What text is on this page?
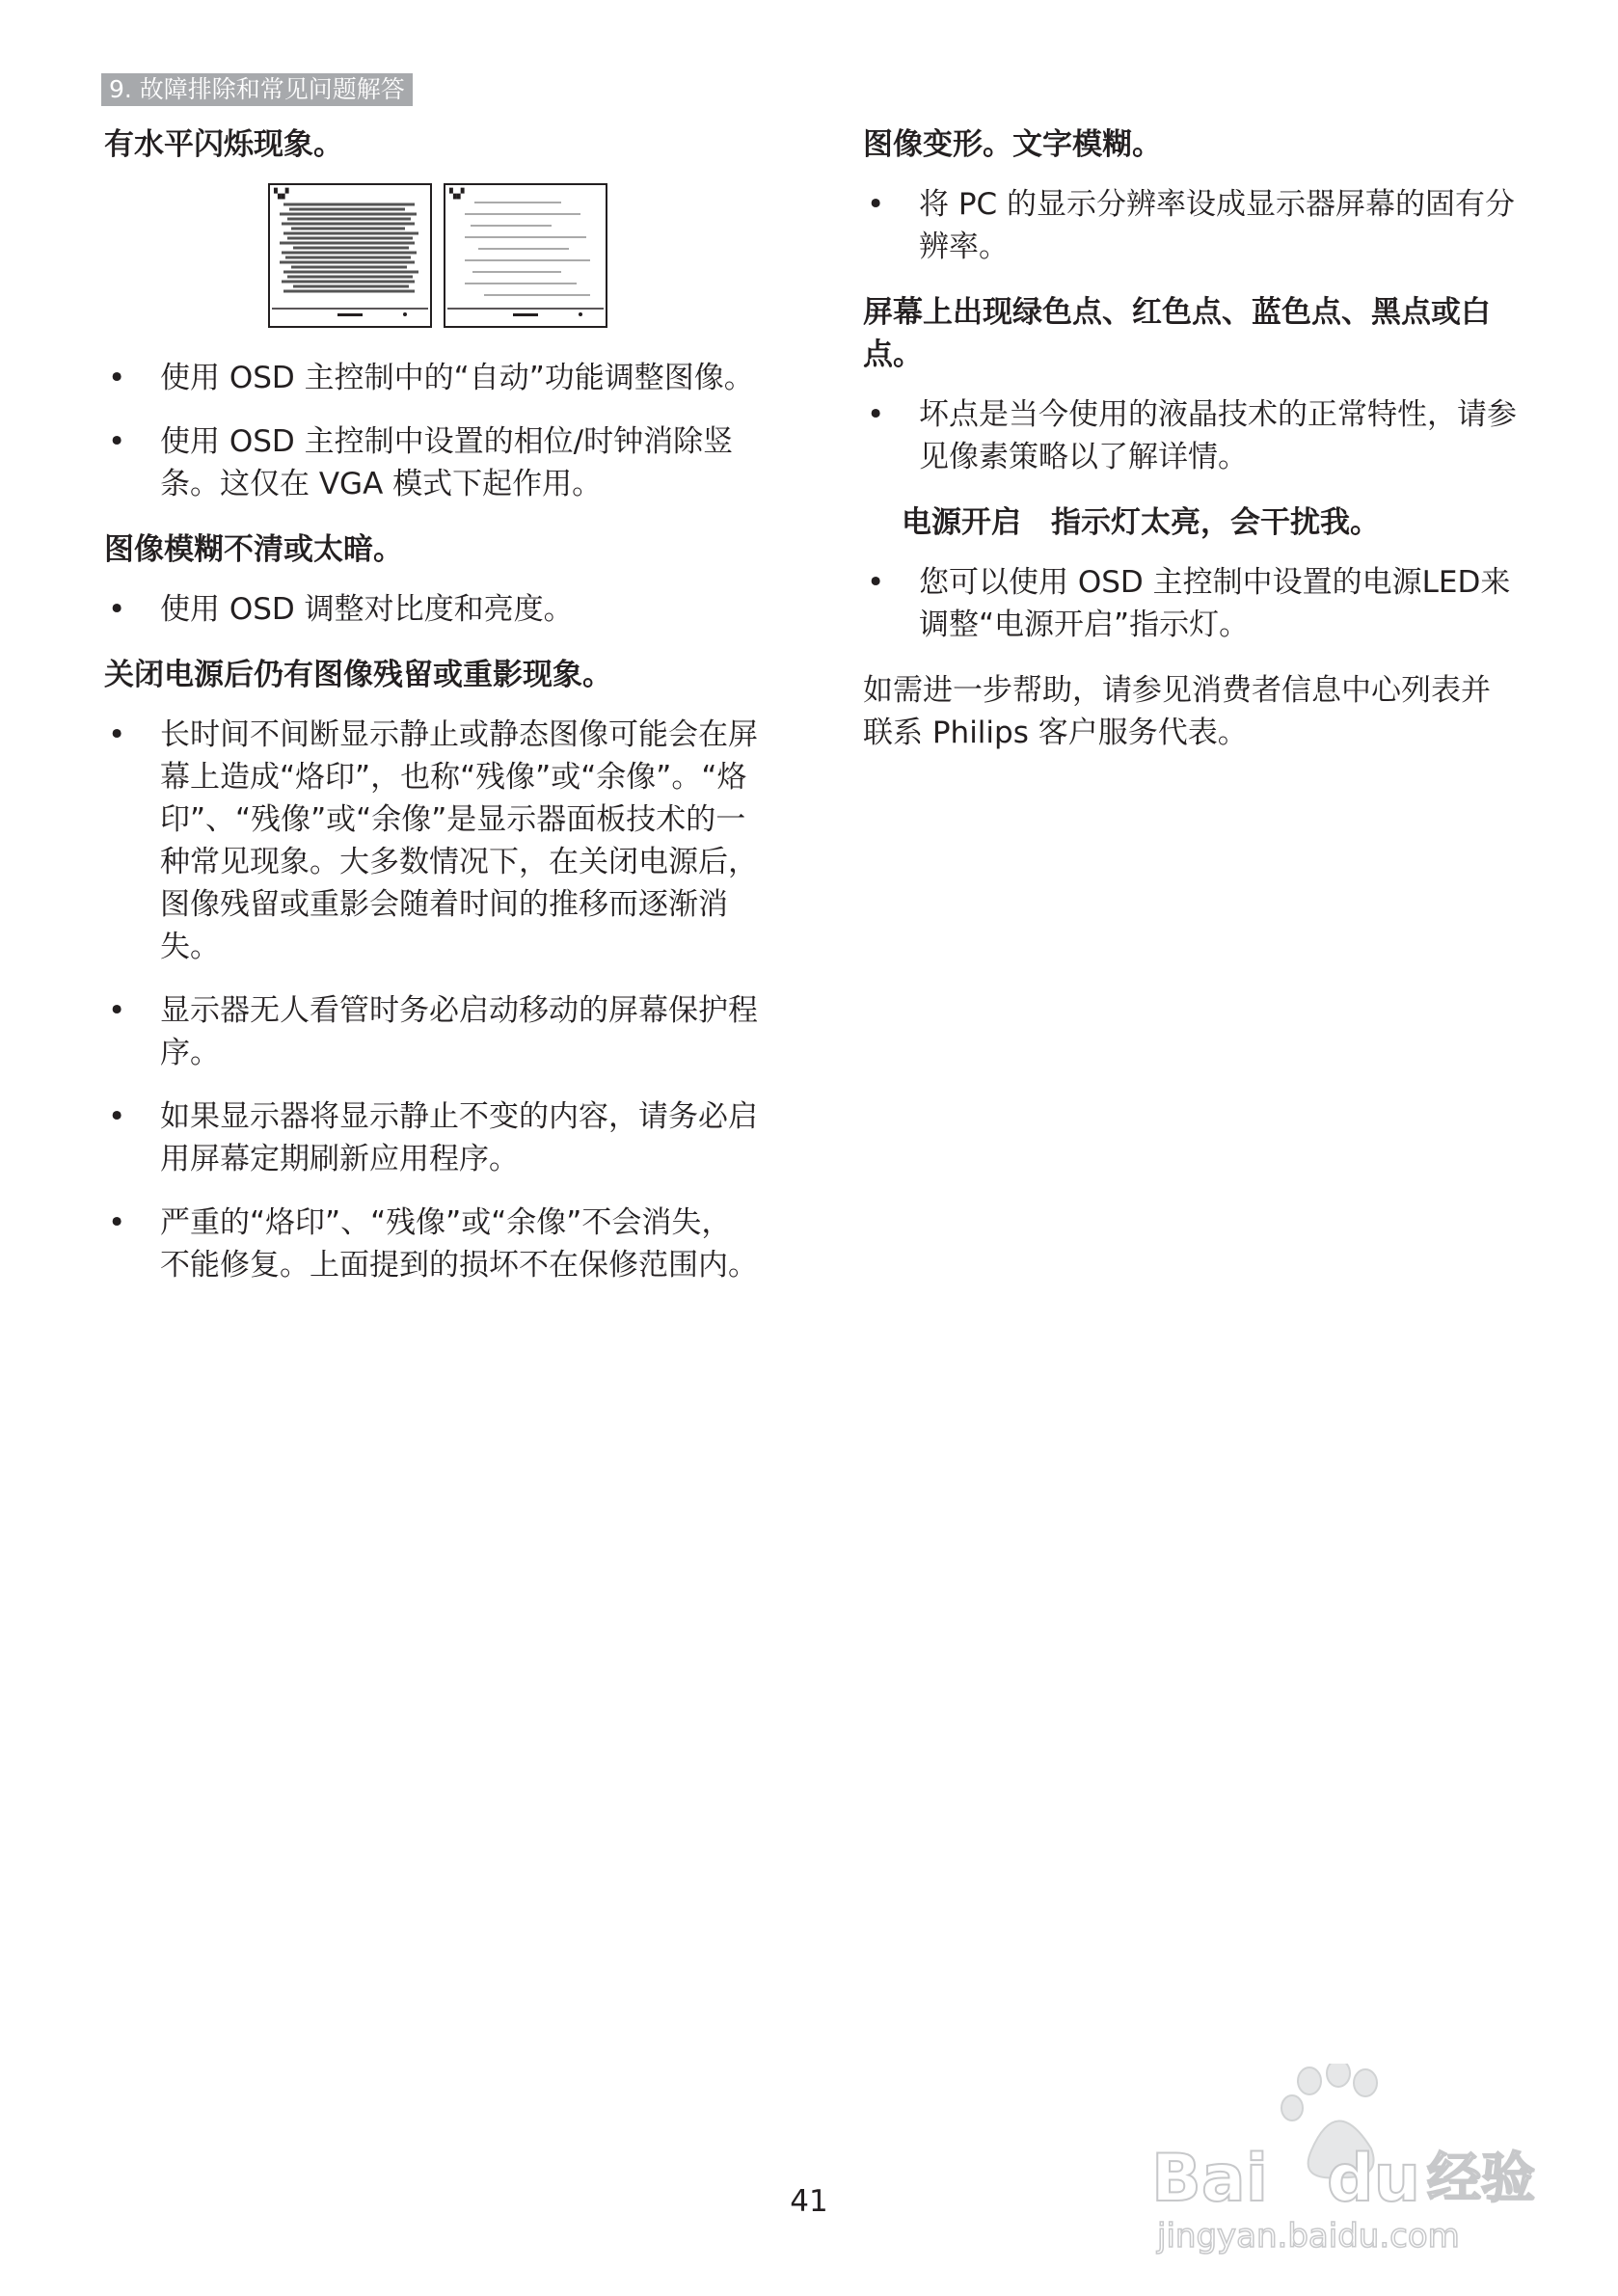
9. 故障排除和常见问题解答
有水平闪烁现象。
▚▞	▚▞
• 使用 OSD 主控制中的“自动”功能调整图像。
• 使用 OSD 主控制中设置的相位/时钟消除竖条。这仅在 VGA 模式下起作用。
图像模糊不清或太暗。
• 使用 OSD 调整对比度和亮度。
关闭电源后仍有图像残留或重影现象。
• 长时间不间断显示静止或静态图像可能会在屏幕上造成“烙印”，也称“残像”或“余像”。“烙印”、“残像”或“余像”是显示器面板技术的一种常见现象。大多数情况下，在关闭电源后，图像残留或重影会随着时间的推移而逐渐消失。
• 显示器无人看管时务必启动移动的屏幕保护程序。
• 如果显示器将显示静止不变的内容，请务必启用屏幕定期刷新应用程序。
• 严重的“烙印”、“残像”或“余像”不会消失，不能修复。上面提到的损坏不在保修范围内。
图像变形。文字模糊。
• 将 PC 的显示分辨率设成显示器屏幕的固有分辨率。
屏幕上出现绿色点、红色点、蓝色点、黑点或白点。
• 坏点是当今使用的液晶技术的正常特性，请参见像素策略以了解详情。
电源开启　指示灯太亮，会干扰我。
• 您可以使用 OSD 主控制中设置的电源LED来调整“电源开启”指示灯。

如需进一步帮助，请参见消费者信息中心列表并联系 Philips 客户服务代表。

41	Bai du 经验
jingyan.baidu.com
